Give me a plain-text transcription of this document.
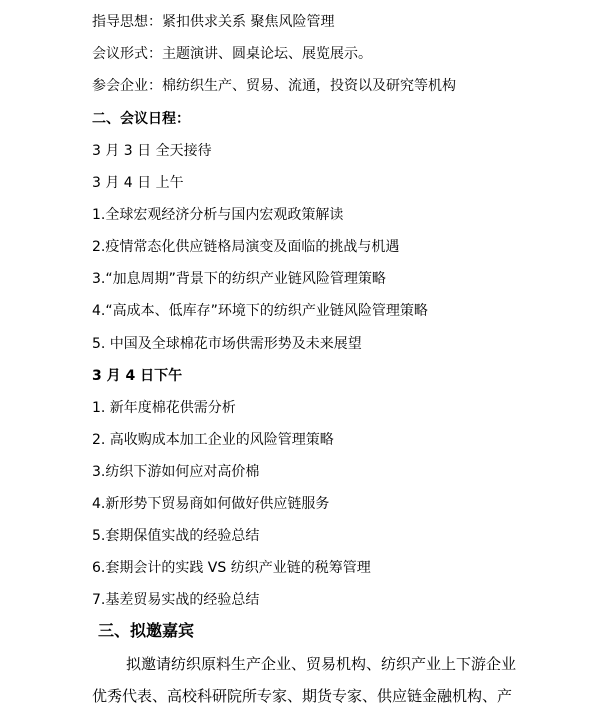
指导思想：紧扣供求关系 聚焦风险管理
会议形式：主题演讲、圆桌论坛、展览展示。
参会企业：棉纺织生产、贸易、流通，投资以及研究等机构
二、会议日程：
3 月 3 日 全天接待
3 月 4 日 上午
1.全球宏观经济分析与国内宏观政策解读
2.疫情常态化供应链格局演变及面临的挑战与机遇
3.“加息周期”背景下的纺织产业链风险管理策略
4.“高成本、低库存”环境下的纺织产业链风险管理策略
5. 中国及全球棉花市场供需形势及未来展望
3 月 4 日下午
1. 新年度棉花供需分析
2. 高收购成本加工企业的风险管理策略
3.纺织下游如何应对高价棉
4.新形势下贸易商如何做好供应链服务
5.套期保值实战的经验总结
6.套期会计的实践 VS 纺织产业链的税筹管理
7.基差贸易实战的经验总结
三、拟邀嘉宾
拟邀请纺织原料生产企业、贸易机构、纺织产业上下游企业
优秀代表、高校科研院所专家、期货专家、供应链金融机构、产
